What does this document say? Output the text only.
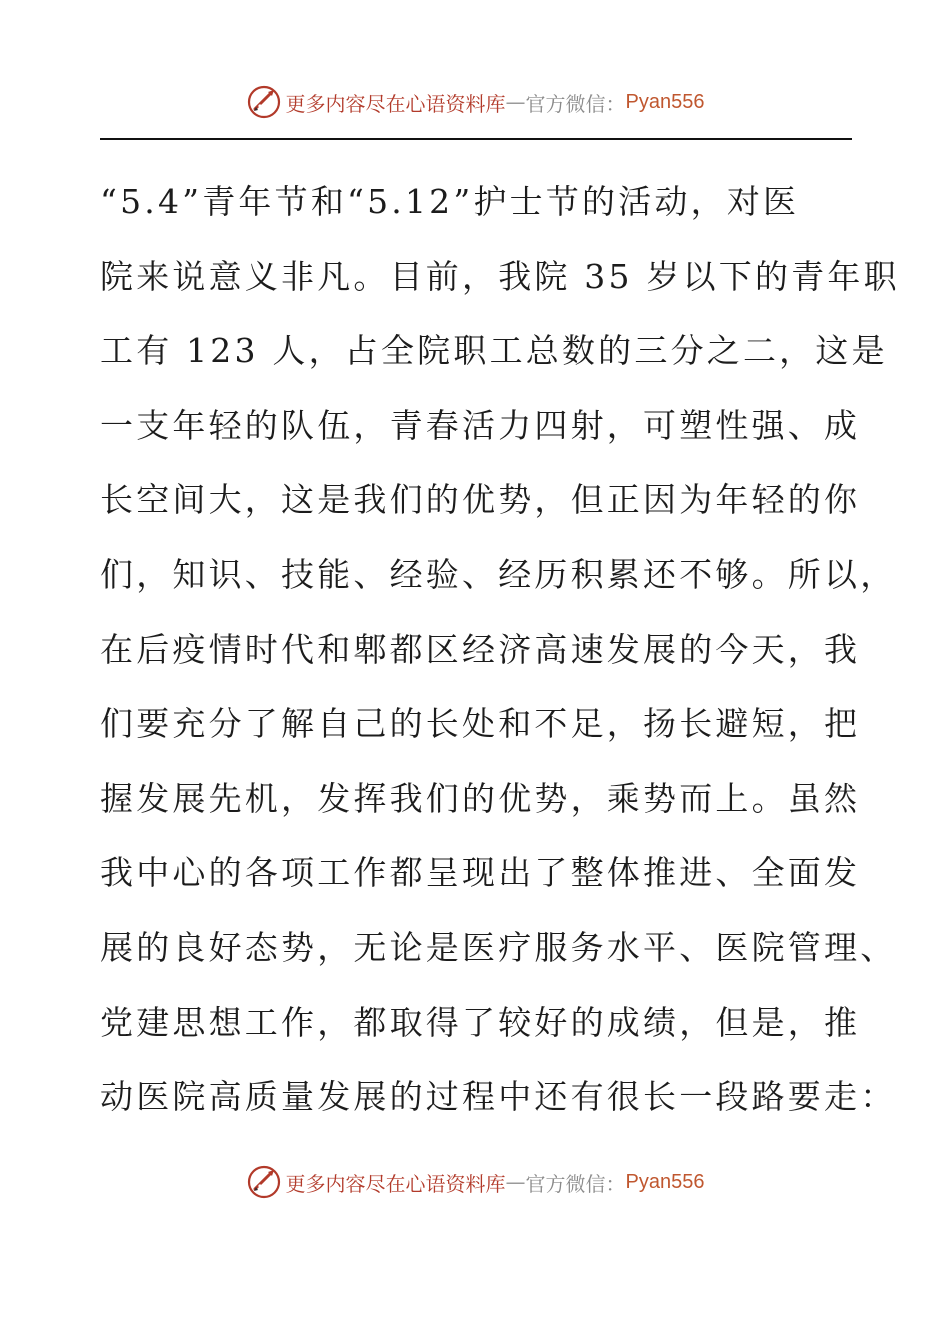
更多内容尽在心语资料库 — 官方微信： Pyan556
“5.4”青年节和“5.12”护士节的活动，对医
院来说意义非凡。目前，我院 35 岁以下的青年职
工有 123 人，占全院职工总数的三分之二，这是
一支年轻的队伍，青春活力四射，可塑性强、成
长空间大，这是我们的优势，但正因为年轻的你
们，知识、技能、经验、经历积累还不够。所以，
在后疫情时代和郫都区经济高速发展的今天，我
们要充分了解自己的长处和不足，扬长避短，把
握发展先机，发挥我们的优势，乘势而上。虽然
我中心的各项工作都呈现出了整体推进、全面发
展的良好态势，无论是医疗服务水平、医院管理、
党建思想工作，都取得了较好的成绩，但是，推
动医院高质量发展的过程中还有很长一段路要走：
更多内容尽在心语资料库 — 官方微信： Pyan556
